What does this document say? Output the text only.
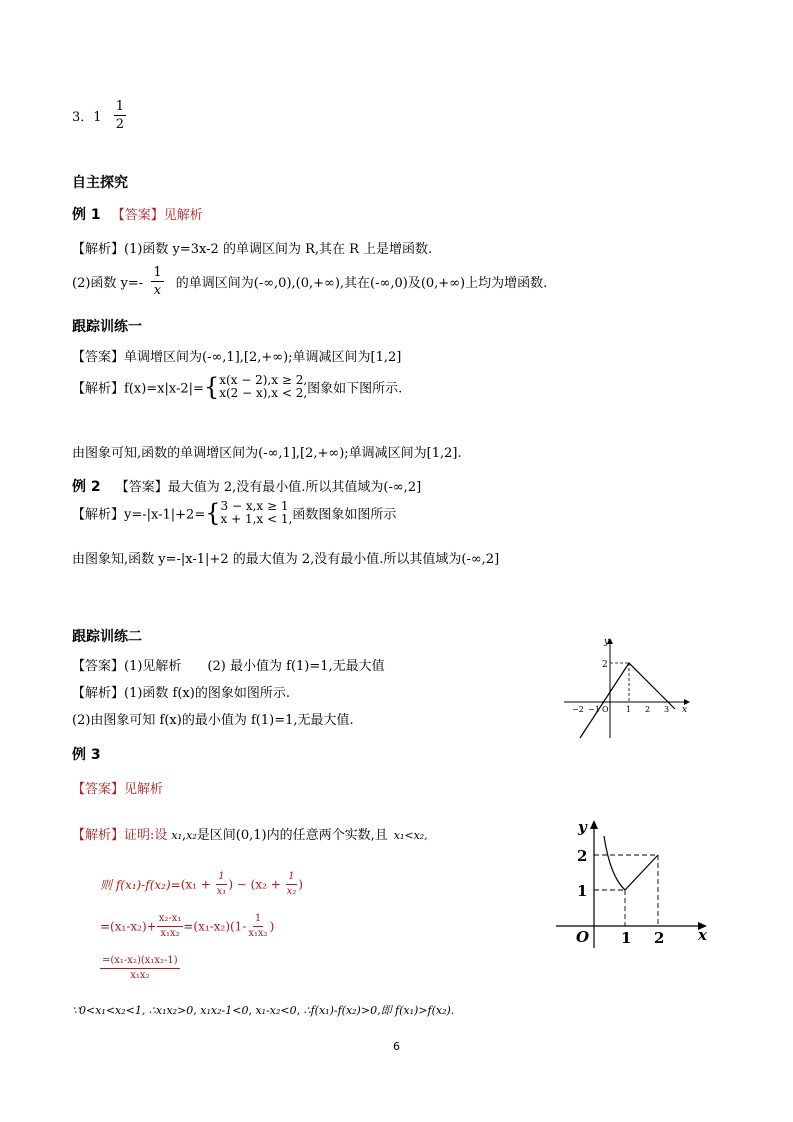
3．$1 \frac{1}{2}$
自主探究
例 1 【答案】见解析
【解析】(1)函数 y=3x-2 的单调区间为 R,其在 R 上是增函数.
(2)函数 $y=- \frac{1}{x}$ 的单调区间为(-∞,0),(0,+∞),其在(-∞,0)及(0,+∞)上均为增函数.
跟踪训练一
【答案】单调增区间为(-∞,1],[2,+∞);单调减区间为[1,2]
【解析】f(x)=x|x-2|={ x(x − 2),x ≥ 2,
x(2 − x),x < 2, 图象如下图所示.
由图象可知,函数的单调增区间为(-∞,1],[2,+∞);单调减区间为[1,2].
例 2 【答案】最大值为 2,没有最小值.所以其值域为(-∞,2]
【解析】y=-|x-1|+2={ 3 − x,x ≥ 1
x + 1,x < 1, 函数图象如图所示
由图象知,函数 y=-|x-1|+2 的最大值为 2,没有最小值.所以其值域为(-∞,2]
跟踪训练二
【答案】(1)见解析　　(2) 最小值为 f(1)=1,无最大值
【解析】(1)函数 f(x)的图象如图所示.
(2)由图象可知 f(x)的最小值为 f(1)=1,无最大值.
y
x
2
−2 −1 O 1 2 3
例 3
【答案】见解析
【解析】证明:设 x₁,x₂是区间(0,1)内的任意两个实数,且 x₁<x₂,
则 $f(x_1)-f(x_2)=(x_1 + \frac{1}{\text{x₁}}$ ) − ($x_2 + \frac{1}{\text{x₂}}$ )
$=(x_1-x_2)+ \frac{\text{x₂-x₁}}{\text{x₁x₂}} =(x_1-x_2)(1- \frac{1}{\text{x₁x₂}}$ )
$\frac{\text{=(x₁-x₂)(x₁x₂-1)}}{\text{x₁x₂}}$
∵0<x₁<x₂<1, ∴x₁x₂>0, x₁x₂-1<0, x₁-x₂<0, ∴f(x₁)-f(x₂)>0,即 f(x₁)>f(x₂).
y
x
O
2
1
1 2
6
